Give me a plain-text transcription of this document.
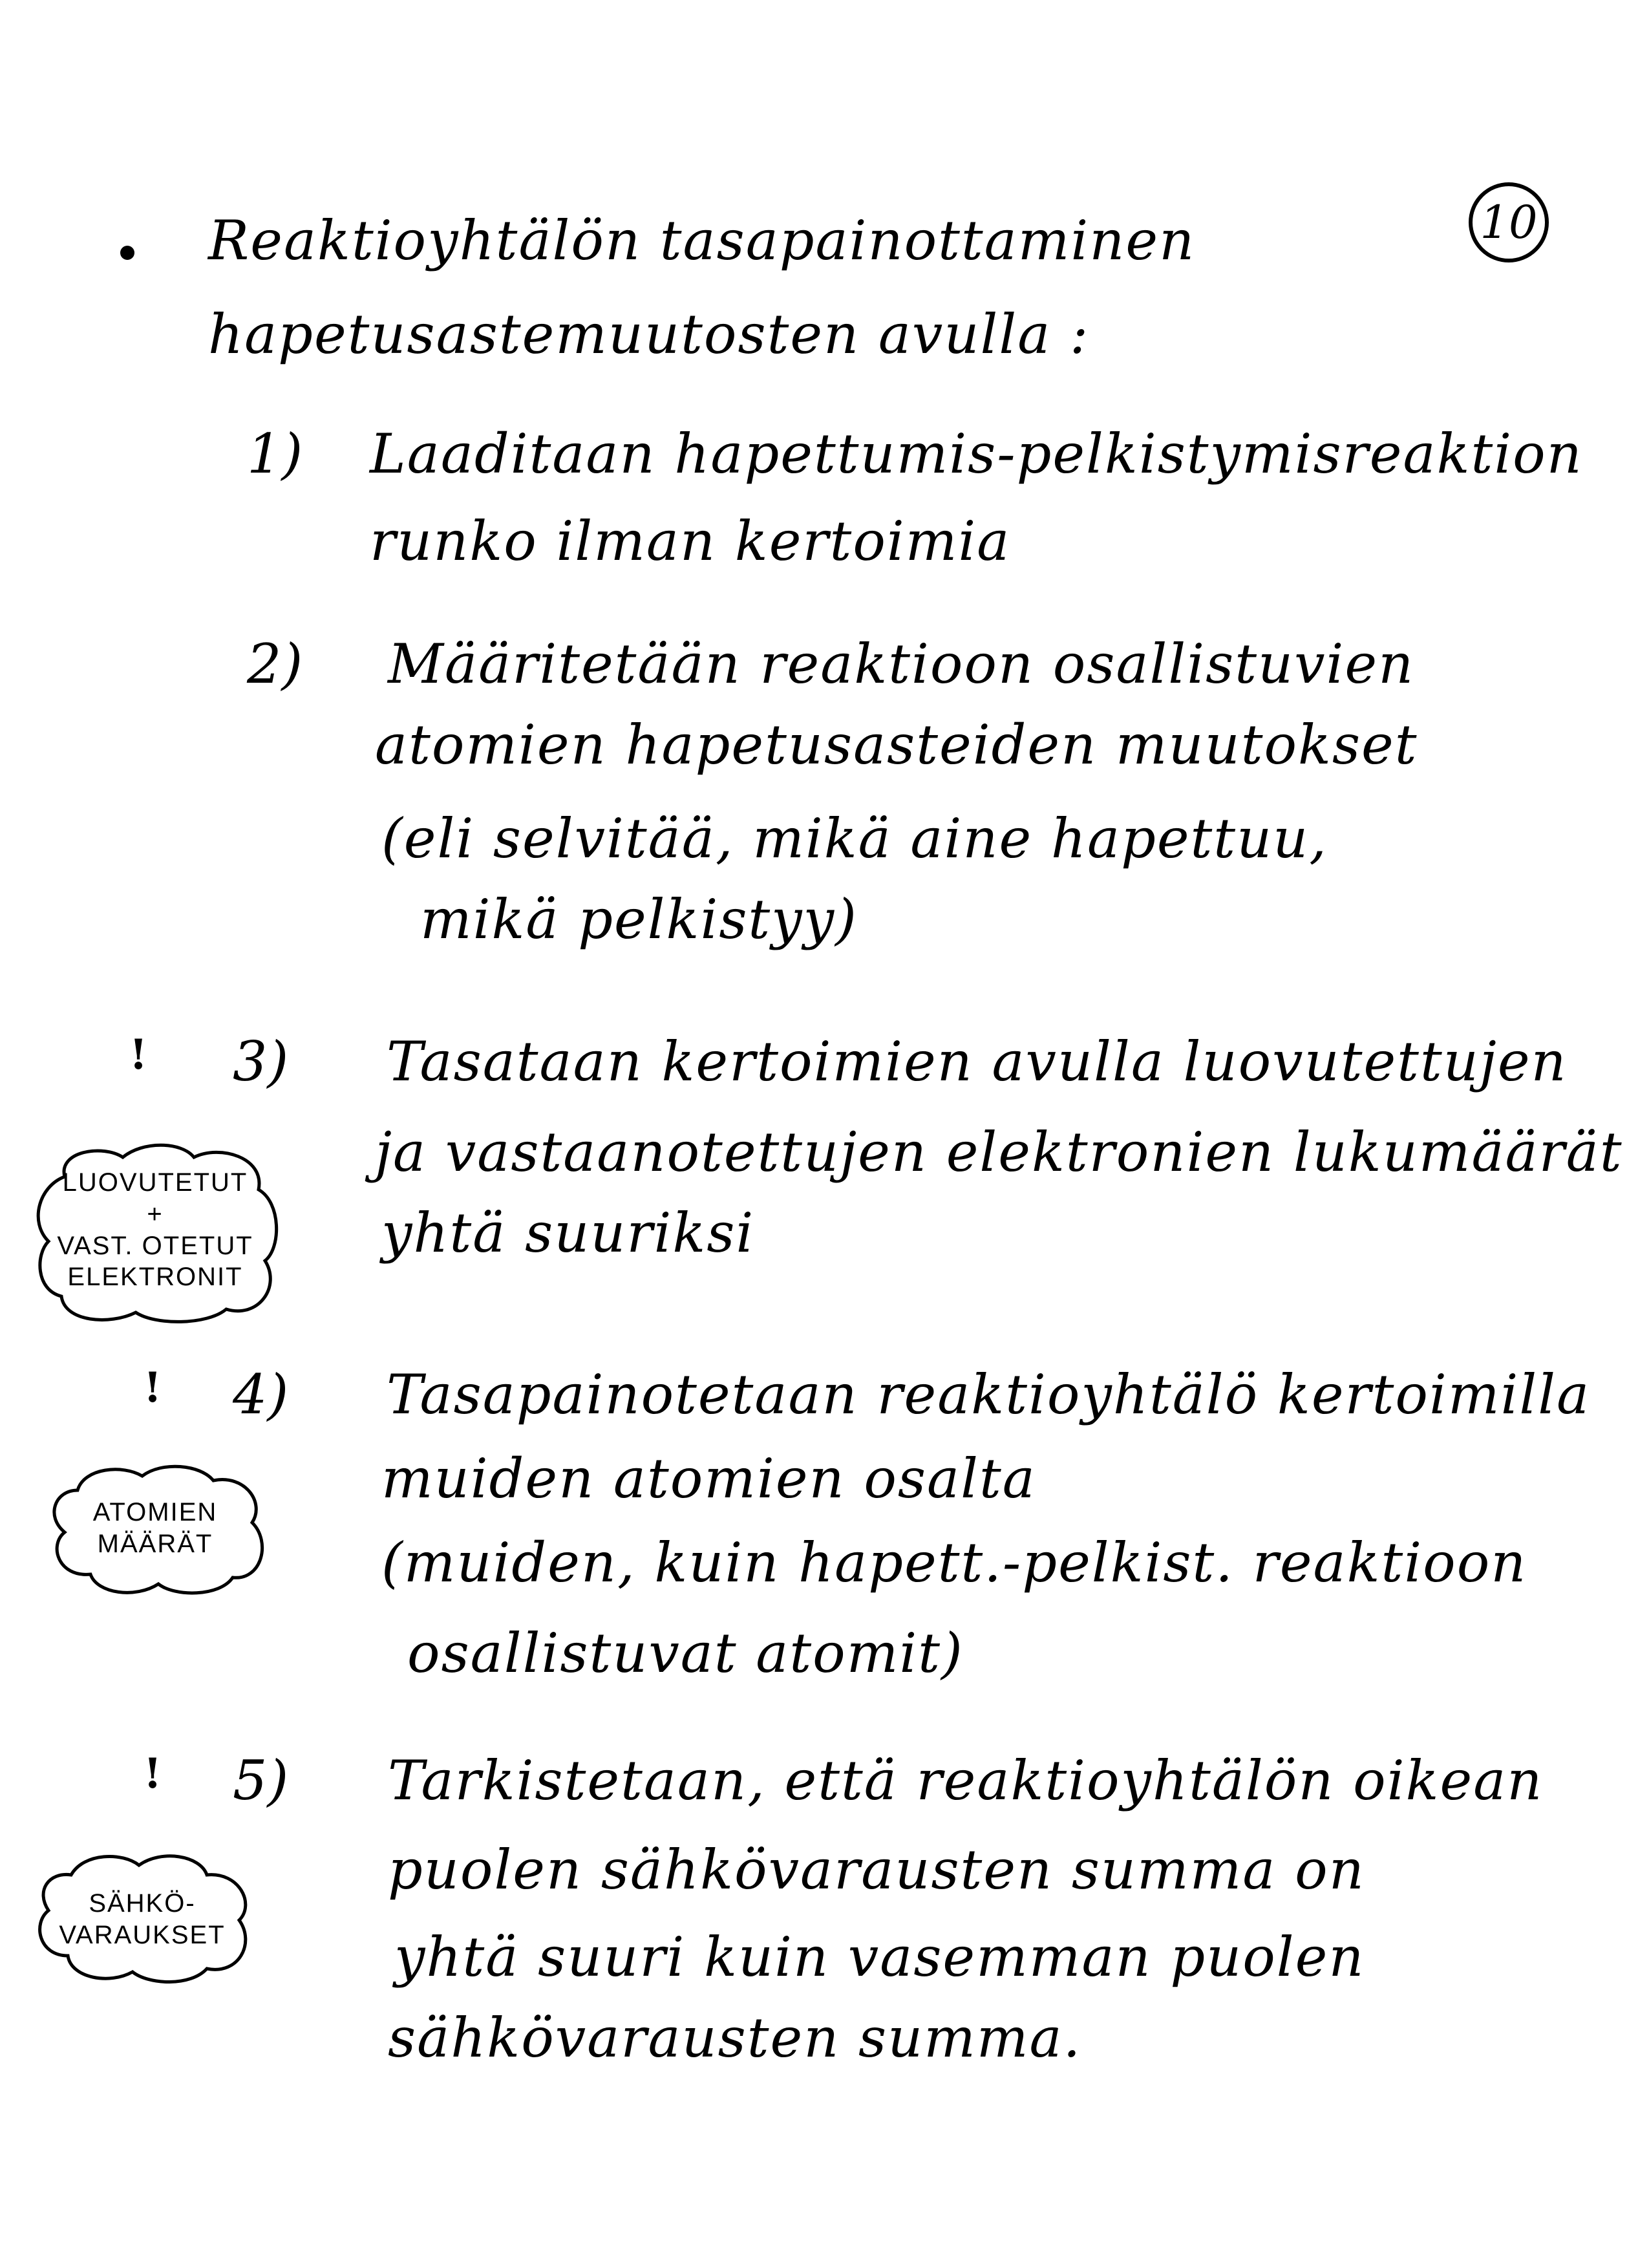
10
Reaktioyhtälön tasapainottaminen
hapetusastemuutosten avulla :
1) Laaditaan hapettumis-pelkistymisreaktion
runko ilman kertoimia
2) Määritetään reaktioon osallistuvien
atomien hapetusasteiden muutokset
(eli selvitää, mikä aine hapettuu,
mikä pelkistyy)
! 3) Tasataan kertoimien avulla luovutettujen
ja vastaanotettujen elektronien lukumäärät
yhtä suuriksi
LUOVUTETUT
+
VAST. OTETUT
ELEKTRONIT
! 4) Tasapainotetaan reaktioyhtälö kertoimilla
muiden atomien osalta
(muiden, kuin hapett.-pelkist. reaktioon
osallistuvat atomit)
ATOMIEN
MÄÄRÄT
! 5) Tarkistetaan, että reaktioyhtälön oikean
puolen sähkövarausten summa on
yhtä suuri kuin vasemman puolen
sähkövarausten summa.
SÄHKÖ-
VARAUKSET
